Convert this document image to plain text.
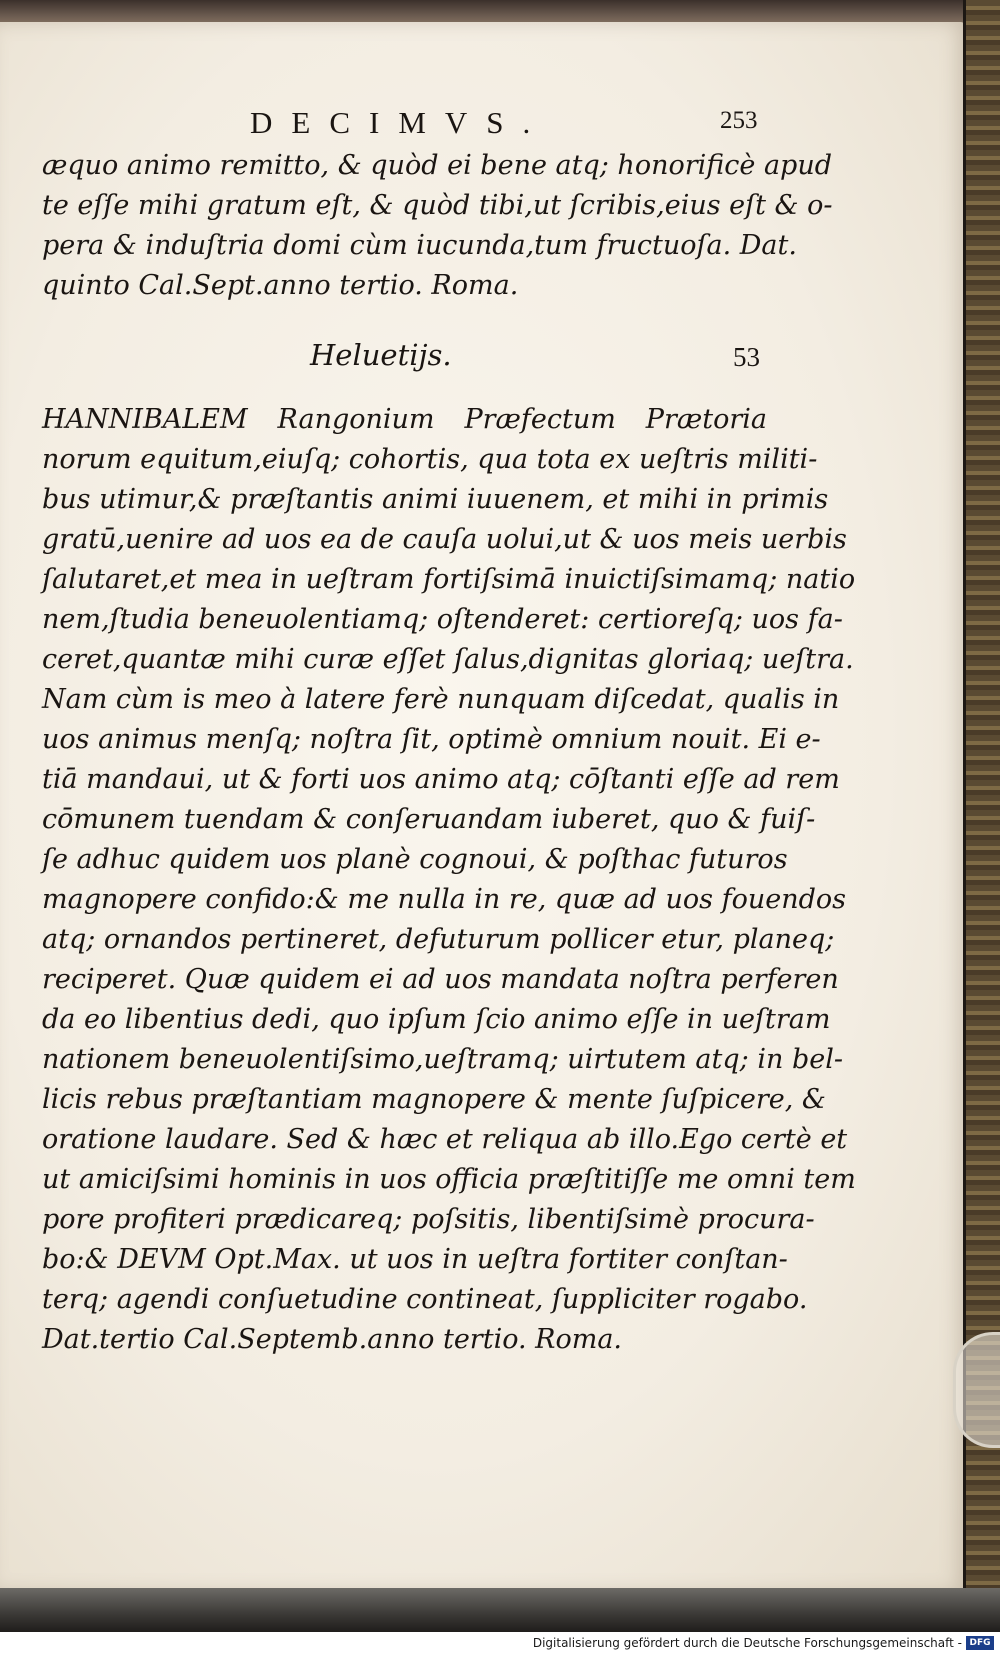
DECIMVS.	253
æquo animo remitto, & quòd ei bene atq; honorificè apud
te eſſe mihi gratum eſt, & quòd tibi,ut ſcribis,eius eſt & o-
pera & induſtria domi cùm iucunda,tum fructuoſa. Dat.
quinto Cal.Sept.anno tertio. Roma.
Heluetijs.	53
HANNIBALEM Rangonium Præfectum Prætoria
norum equitum,eiuſq; cohortis, qua tota ex ueſtris militi-
bus utimur,& præſtantis animi iuuenem, et mihi in primis
gratū,uenire ad uos ea de cauſa uolui,ut & uos meis uerbis
ſalutaret,et mea in ueſtram fortiſsimā inuictiſsimamq; natio
nem,ſtudia beneuolentiamq; oſtenderet: certioreſq; uos fa-
ceret,quantæ mihi curæ eſſet ſalus,dignitas gloriaq; ueſtra.
Nam cùm is meo à latere ferè nunquam diſcedat, qualis in
uos animus menſq; noſtra ſit, optimè omnium nouit. Ei e-
tiā mandaui, ut & forti uos animo atq; cōſtanti eſſe ad rem
cōmunem tuendam & conſeruandam iuberet, quo & fuiſ-
ſe adhuc quidem uos planè cognoui, & poſthac futuros
magnopere confido:& me nulla in re, quæ ad uos fouendos
atq; ornandos pertineret, defuturum pollicer etur, planeq;
reciperet. Quæ quidem ei ad uos mandata noſtra perferen
da eo libentius dedi, quo ipſum ſcio animo eſſe in ueſtram
nationem beneuolentiſsimo,ueſtramq; uirtutem atq; in bel-
licis rebus præſtantiam magnopere & mente ſuſpicere, &
oratione laudare. Sed & hæc et reliqua ab illo.Ego certè et
ut amiciſsimi hominis in uos officia præſtitiſſe me omni tem
pore profiteri prædicareq; poſsitis, libentiſsimè procura-
bo:& DEVM Opt.Max. ut uos in ueſtra fortiter conſtan-
terq; agendi conſuetudine contineat, ſuppliciter rogabo.
Dat.tertio Cal.Septemb.anno tertio. Roma.
Digitalisierung gefördert durch die Deutsche Forschungsgemeinschaft - DFG
